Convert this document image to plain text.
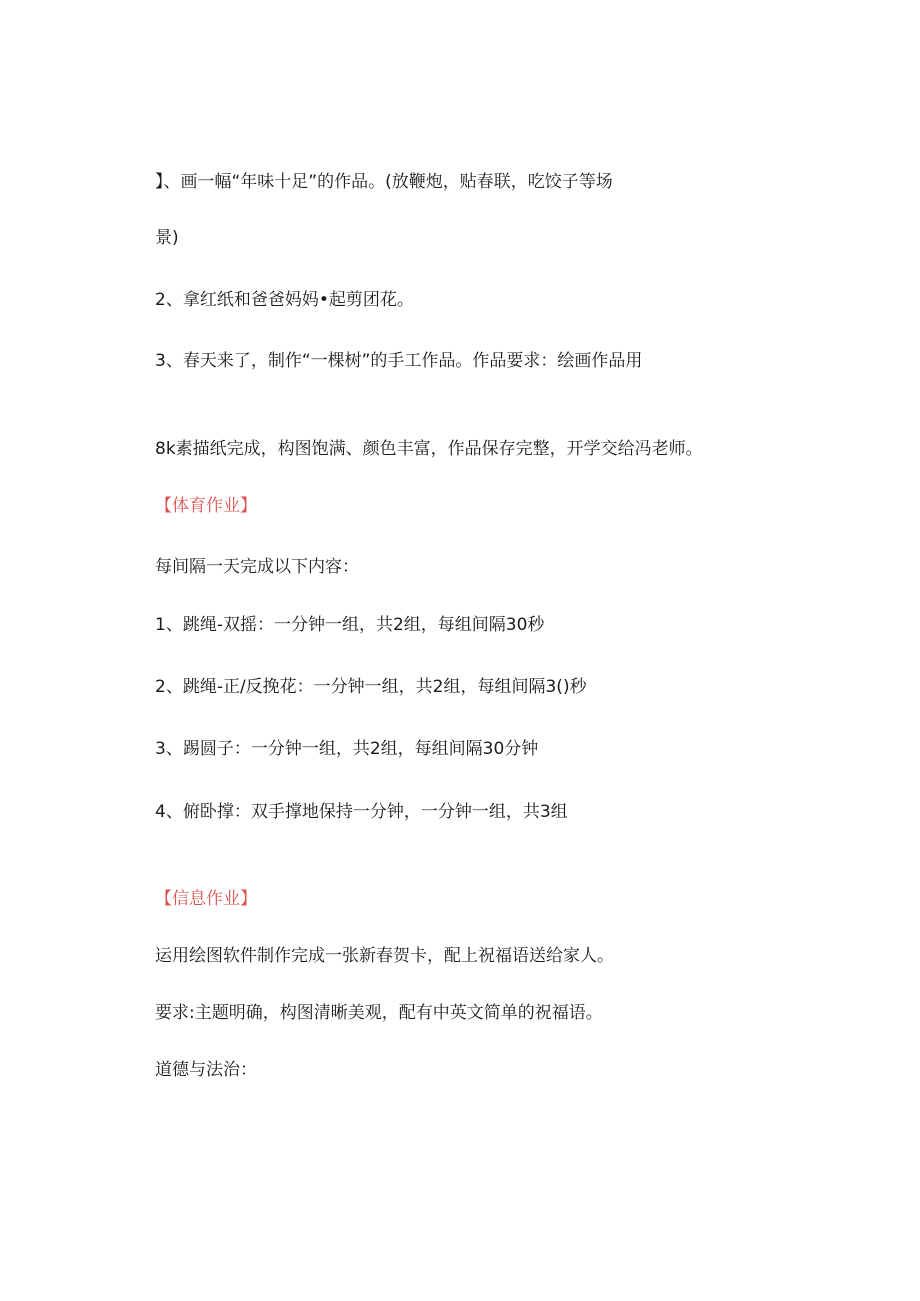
】、画一幅“年味十足”的作品。(放鞭炮，贴春联，吃饺子等场
景)
2、拿红纸和爸爸妈妈•起剪团花。
3、春天来了，制作“一棵树”的手工作品。作品要求：绘画作品用
8k素描纸完成，构图饱满、颜色丰富，作品保存完整，开学交给冯老师。
【体育作业】
每间隔一天完成以下内容：
1、跳绳-双摇：一分钟一组，共2组，每组间隔30秒
2、跳绳-正/反挽花：一分钟一组，共2组，每组间隔3()秒
3、踢圆子：一分钟一组，共2组，每组间隔30分钟
4、俯卧撑：双手撑地保持一分钟，一分钟一组，共3组
【信息作业】
运用绘图软件制作完成一张新春贺卡，配上祝福语送给家人。
要求:主题明确，构图清晰美观，配有中英文简单的祝福语。
道德与法治：
